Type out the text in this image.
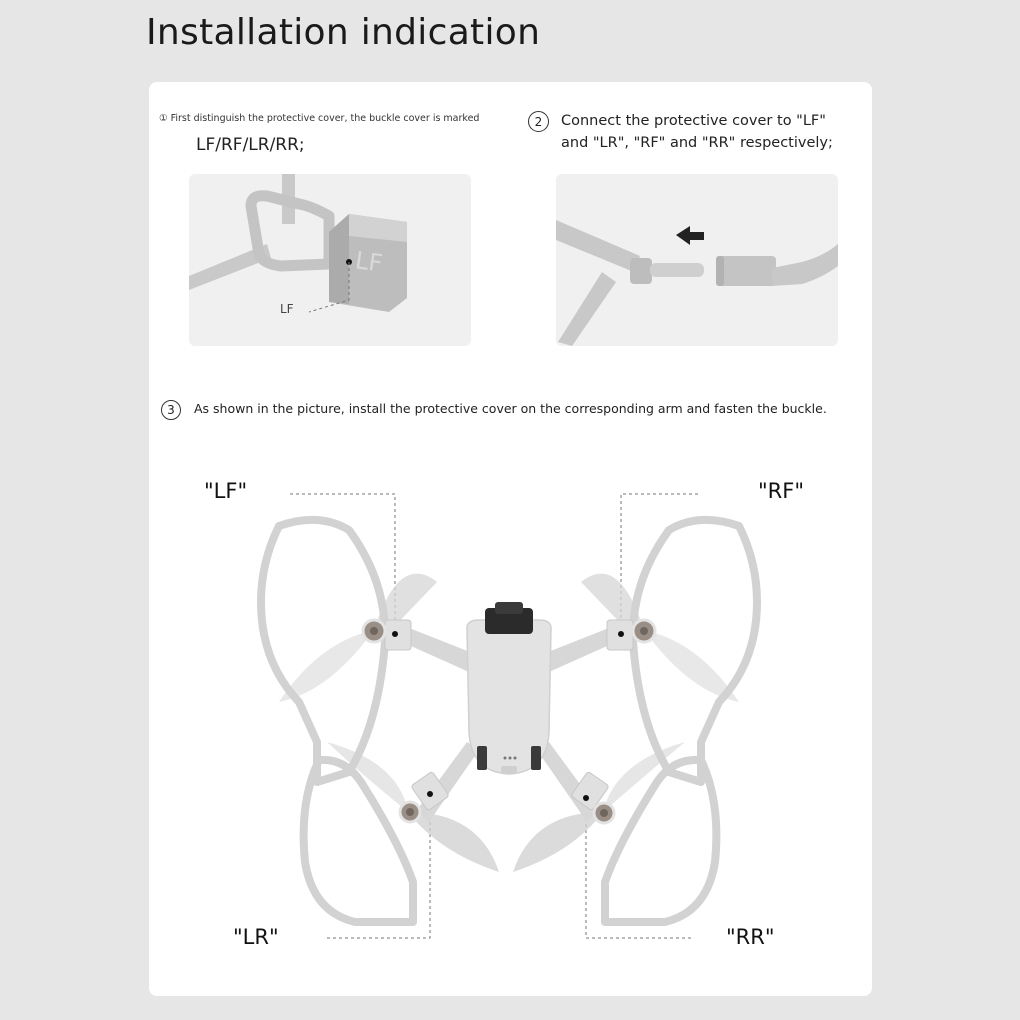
Installation indication
① First distinguish the protective cover, the buckle cover is marked
LF/RF/LR/RR;
2	Connect the protective cover to "LF"
and "LR", "RF" and "RR" respectively;
LF
LF
3	As shown in the picture, install the protective cover on the corresponding arm and fasten the buckle.
"LF"	"RF"
"LR"	"RR"
